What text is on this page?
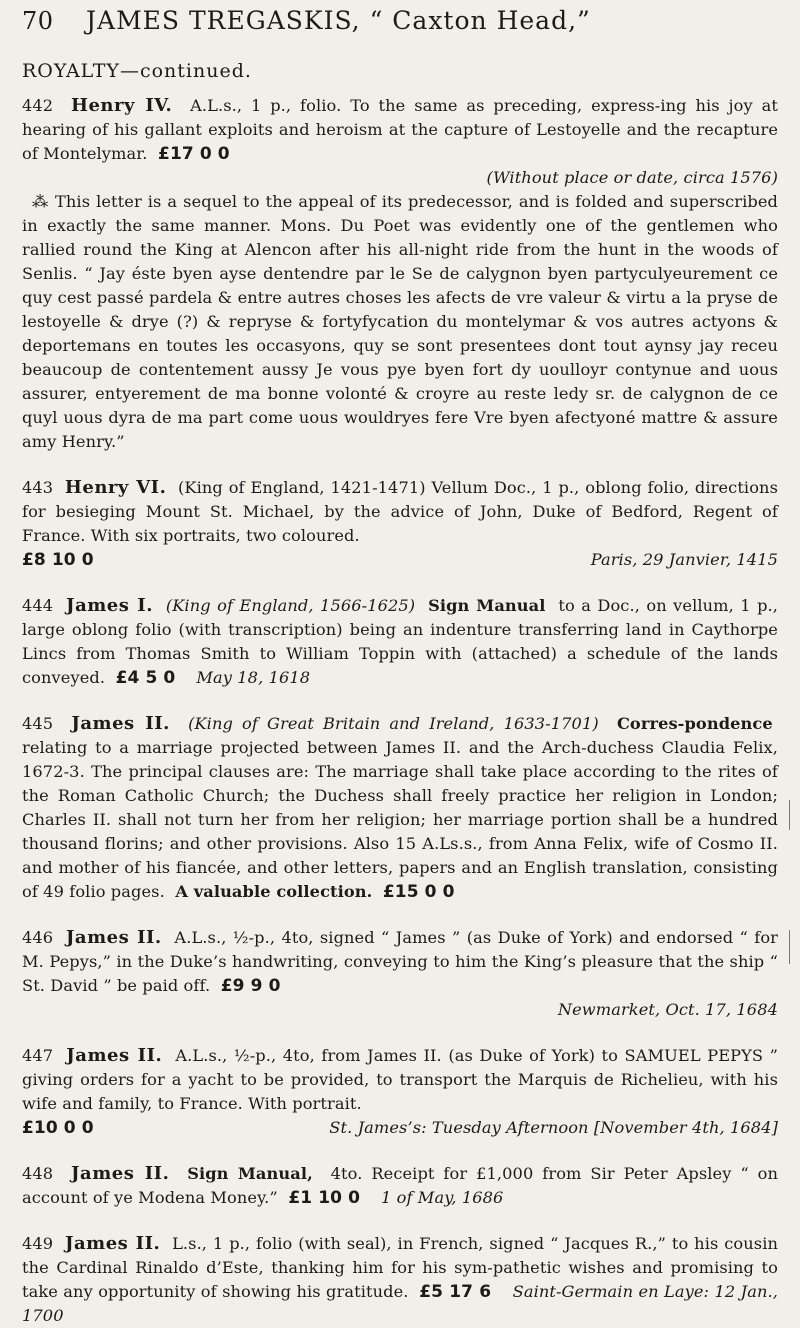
70	JAMES TREGASKIS, “ Caxton Head,”
ROYALTY—continued.
442 Henry IV. A.L.s., 1 p., folio. To the same as preceding, express-ing his joy at hearing of his gallant exploits and heroism at the capture of Lestoyelle and the recapture of Montelymar. £17 0 0
(Without place or date, circa 1576)
⁂ This letter is a sequel to the appeal of its predecessor, and is folded and superscribed in exactly the same manner. Mons. Du Poet was evidently one of the gentlemen who rallied round the King at Alencon after his all-night ride from the hunt in the woods of Senlis. “ Jay éste byen ayse dentendre par le Se de calygnon byen partyculyeurement ce quy cest passé pardela & entre autres choses les afects de vre valeur & virtu a la pryse de lestoyelle & drye (?) & repryse & fortyfycation du montelymar & vos autres actyons & deportemans en toutes les occasyons, quy se sont presentees dont tout aynsy jay receu beaucoup de contentement aussy Je vous pye byen fort dy uoulloyr contynue and uous assurer, entyerement de ma bonne volonté & croyre au reste ledy sr. de calygnon de ce quyl uous dyra de ma part come uous wouldryes fere Vre byen afectyoné mattre & assure amy Henry.”
443 Henry VI. (King of England, 1421-1471) Vellum Doc., 1 p., oblong folio, directions for besieging Mount St. Michael, by the advice of John, Duke of Bedford, Regent of France. With six portraits, two coloured.
£8 10 0	Paris, 29 Janvier, 1415
444 James I. (King of England, 1566-1625) Sign Manual to a Doc., on vellum, 1 p., large oblong folio (with transcription) being an indenture transferring land in Caythorpe Lincs from Thomas Smith to William Toppin with (attached) a schedule of the lands conveyed. £4 5 0 May 18, 1618
445 James II. (King of Great Britain and Ireland, 1633-1701) Corres-pondence  relating to a marriage projected between James II. and the Arch-duchess Claudia Felix, 1672-3. The principal clauses are: The marriage shall take place according to the rites of the Roman Catholic Church; the Duchess shall freely practice her religion in London; Charles II. shall not turn her from her religion; her marriage portion shall be a hundred thousand florins; and other provisions. Also 15 A.Ls.s., from Anna Felix, wife of Cosmo II. and mother of his fiancée, and other letters, papers and an English translation, consisting of 49 folio pages. A valuable collection. £15 0 0
446 James II. A.L.s., ½-p., 4to, signed “ James ” (as Duke of York) and endorsed “ for M. Pepys,” in the Duke’s handwriting, conveying to him the King’s pleasure that the ship “ St. David ” be paid off. £9 9 0
Newmarket, Oct. 17, 1684
447 James II. A.L.s., ½-p., 4to, from James II. (as Duke of York) to SAMUEL PEPYS ” giving orders for a yacht to be provided, to transport the Marquis de Richelieu, with his wife and family, to France. With portrait.
£10 0 0	St. James’s: Tuesday Afternoon [November 4th, 1684]
448 James II. Sign Manual, 4to. Receipt for £1,000 from Sir Peter Apsley “ on account of ye Modena Money.” £1 10 0 1 of May, 1686
449 James II. L.s., 1 p., folio (with seal), in French, signed “ Jacques R.,” to his cousin the Cardinal Rinaldo d’Este, thanking him for his sym-pathetic wishes and promising to take any opportunity of showing his gratitude. £5 17 6 Saint-Germain en Laye: 12 Jan., 1700
